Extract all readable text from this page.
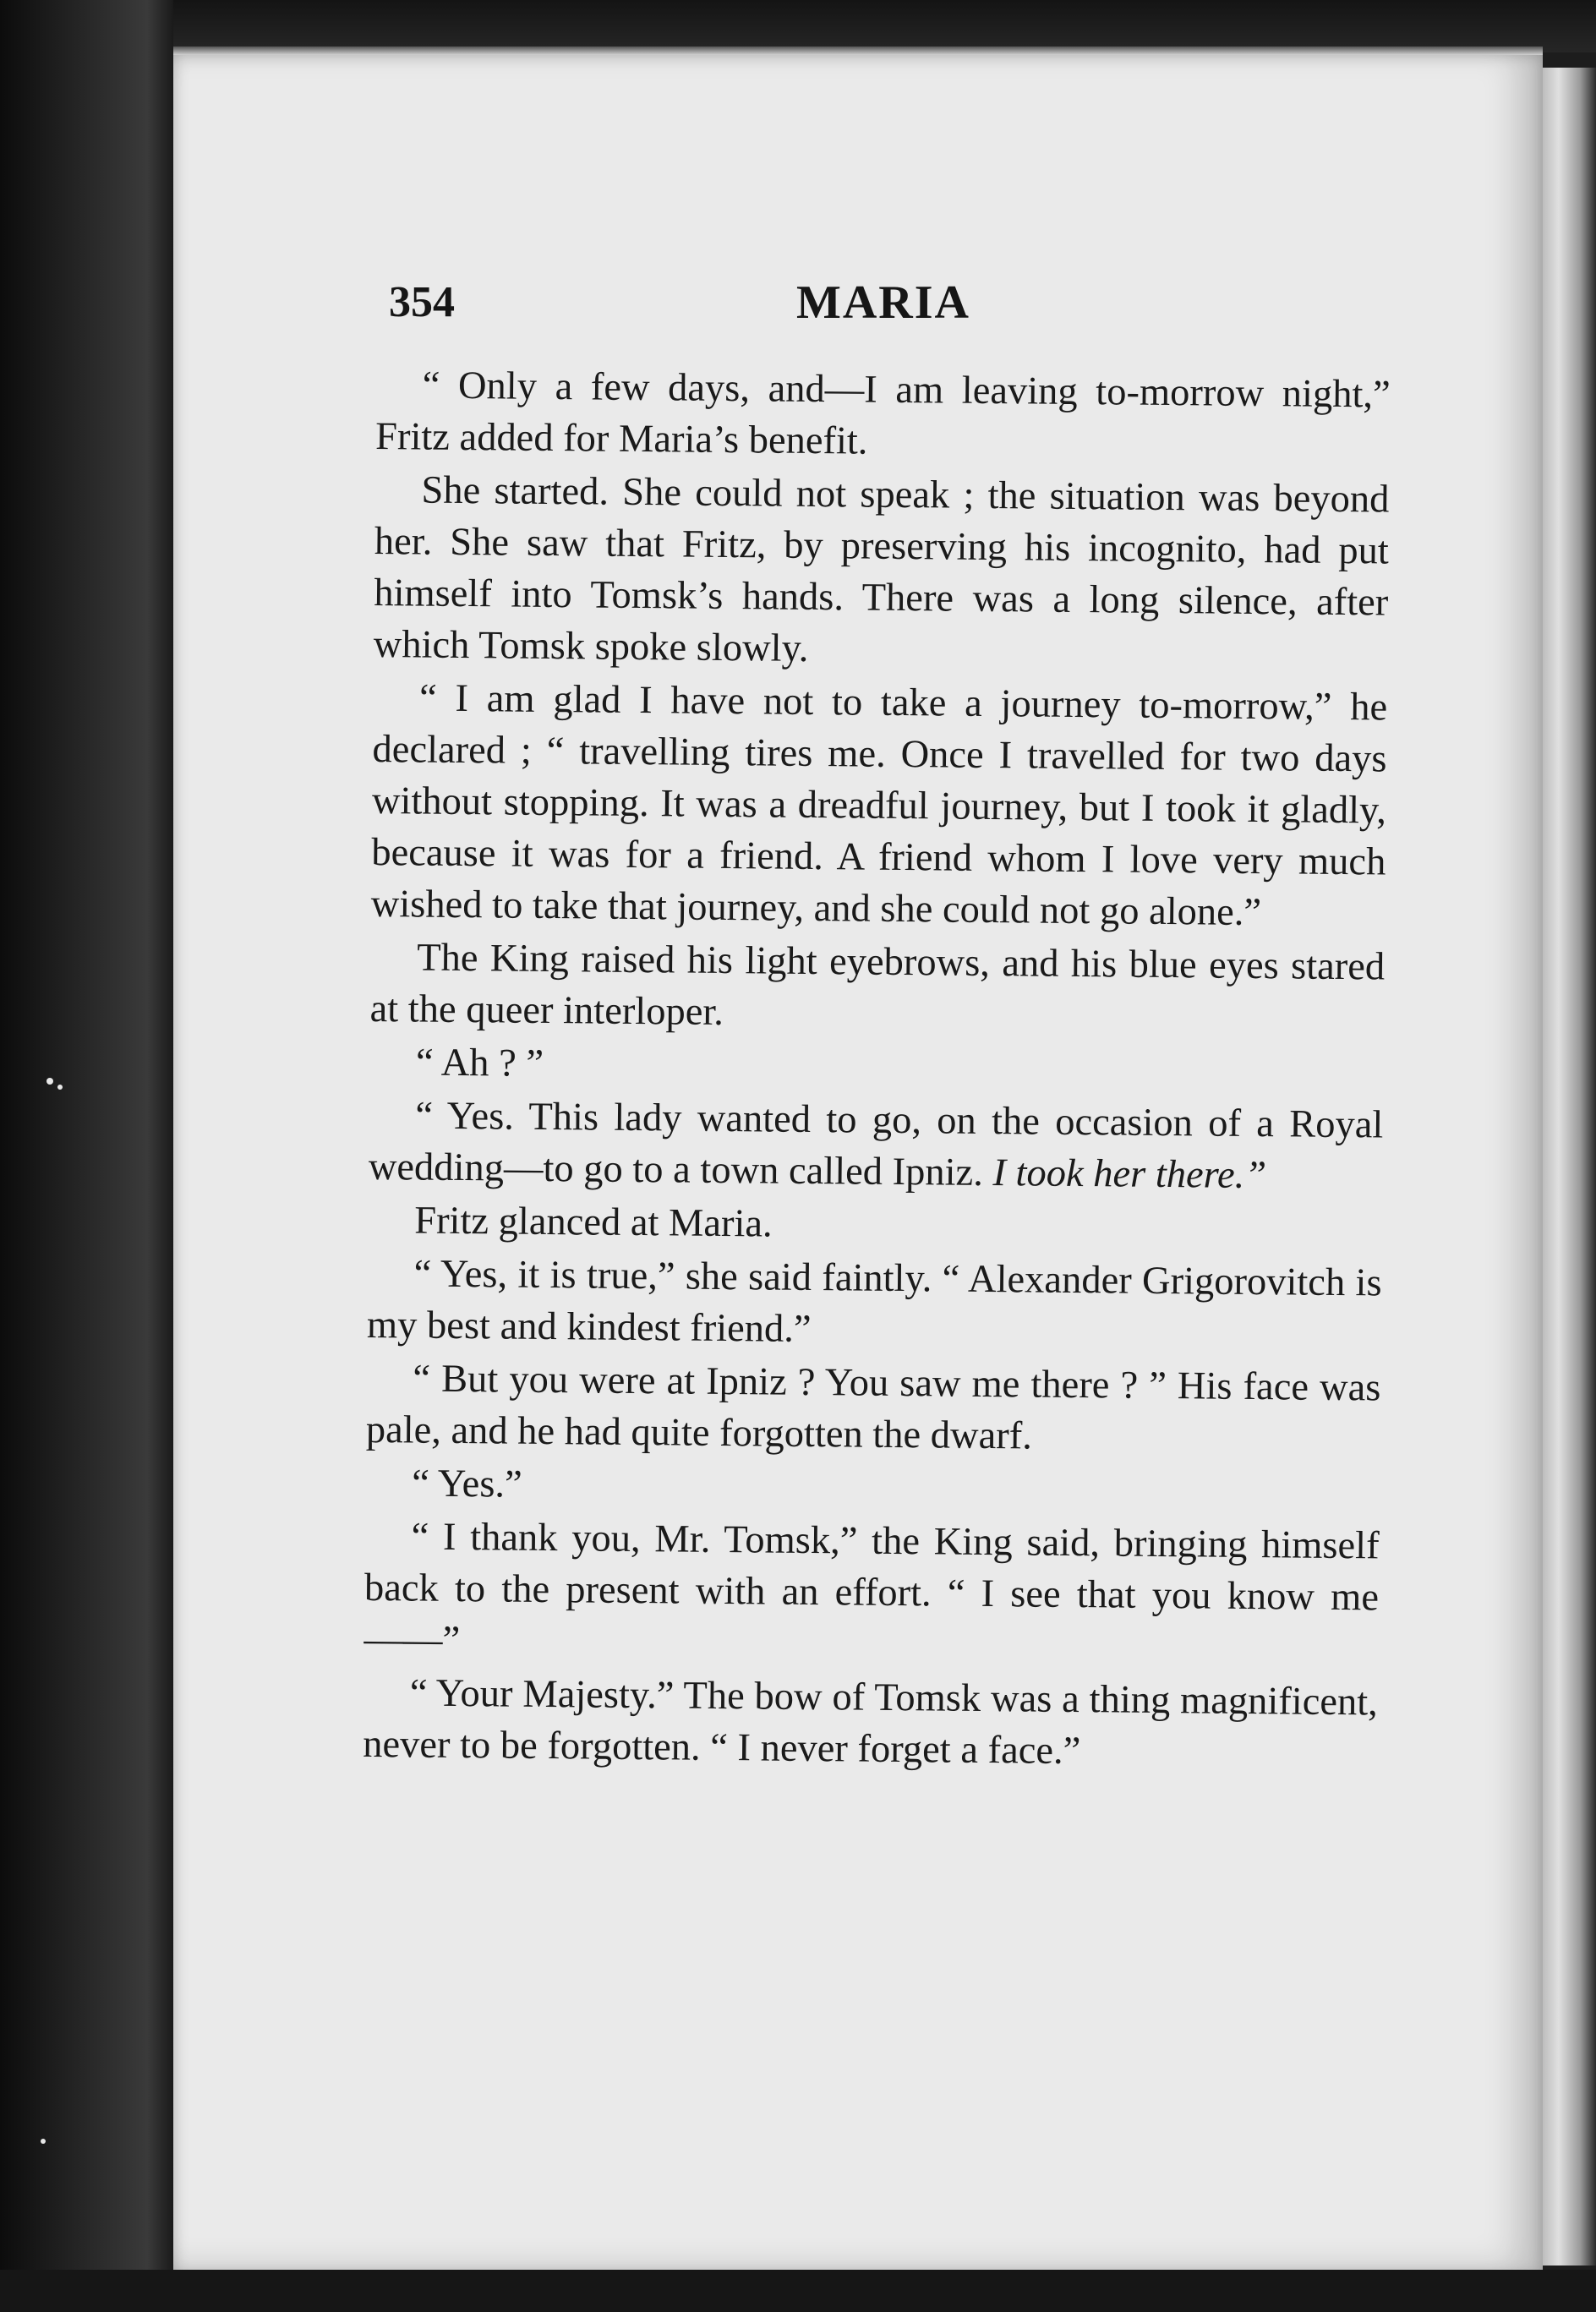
354	MARIA

“ Only a few days, and—I am leaving to-morrow night,” Fritz added for Maria’s benefit.

She started. She could not speak ; the situation was beyond her. She saw that Fritz, by preserving his incognito, had put himself into Tomsk’s hands. There was a long silence, after which Tomsk spoke slowly.

“ I am glad I have not to take a journey to-morrow,” he declared ; “ travelling tires me. Once I travelled for two days without stopping. It was a dreadful journey, but I took it gladly, because it was for a friend. A friend whom I love very much wished to take that journey, and she could not go alone.”

The King raised his light eyebrows, and his blue eyes stared at the queer interloper.

“ Ah ? ”

“ Yes. This lady wanted to go, on the occasion of a Royal wedding—to go to a town called Ipniz. I took her there.”

Fritz glanced at Maria.

“ Yes, it is true,” she said faintly. “ Alexander Grigorovitch is my best and kindest friend.”

“ But you were at Ipniz ? You saw me there ? ” His face was pale, and he had quite forgotten the dwarf.

“ Yes.”

“ I thank you, Mr. Tomsk,” the King said, bringing himself back to the present with an effort. “ I see that you know me——”

“ Your Majesty.” The bow of Tomsk was a thing magnificent, never to be forgotten. “ I never forget a face.”
